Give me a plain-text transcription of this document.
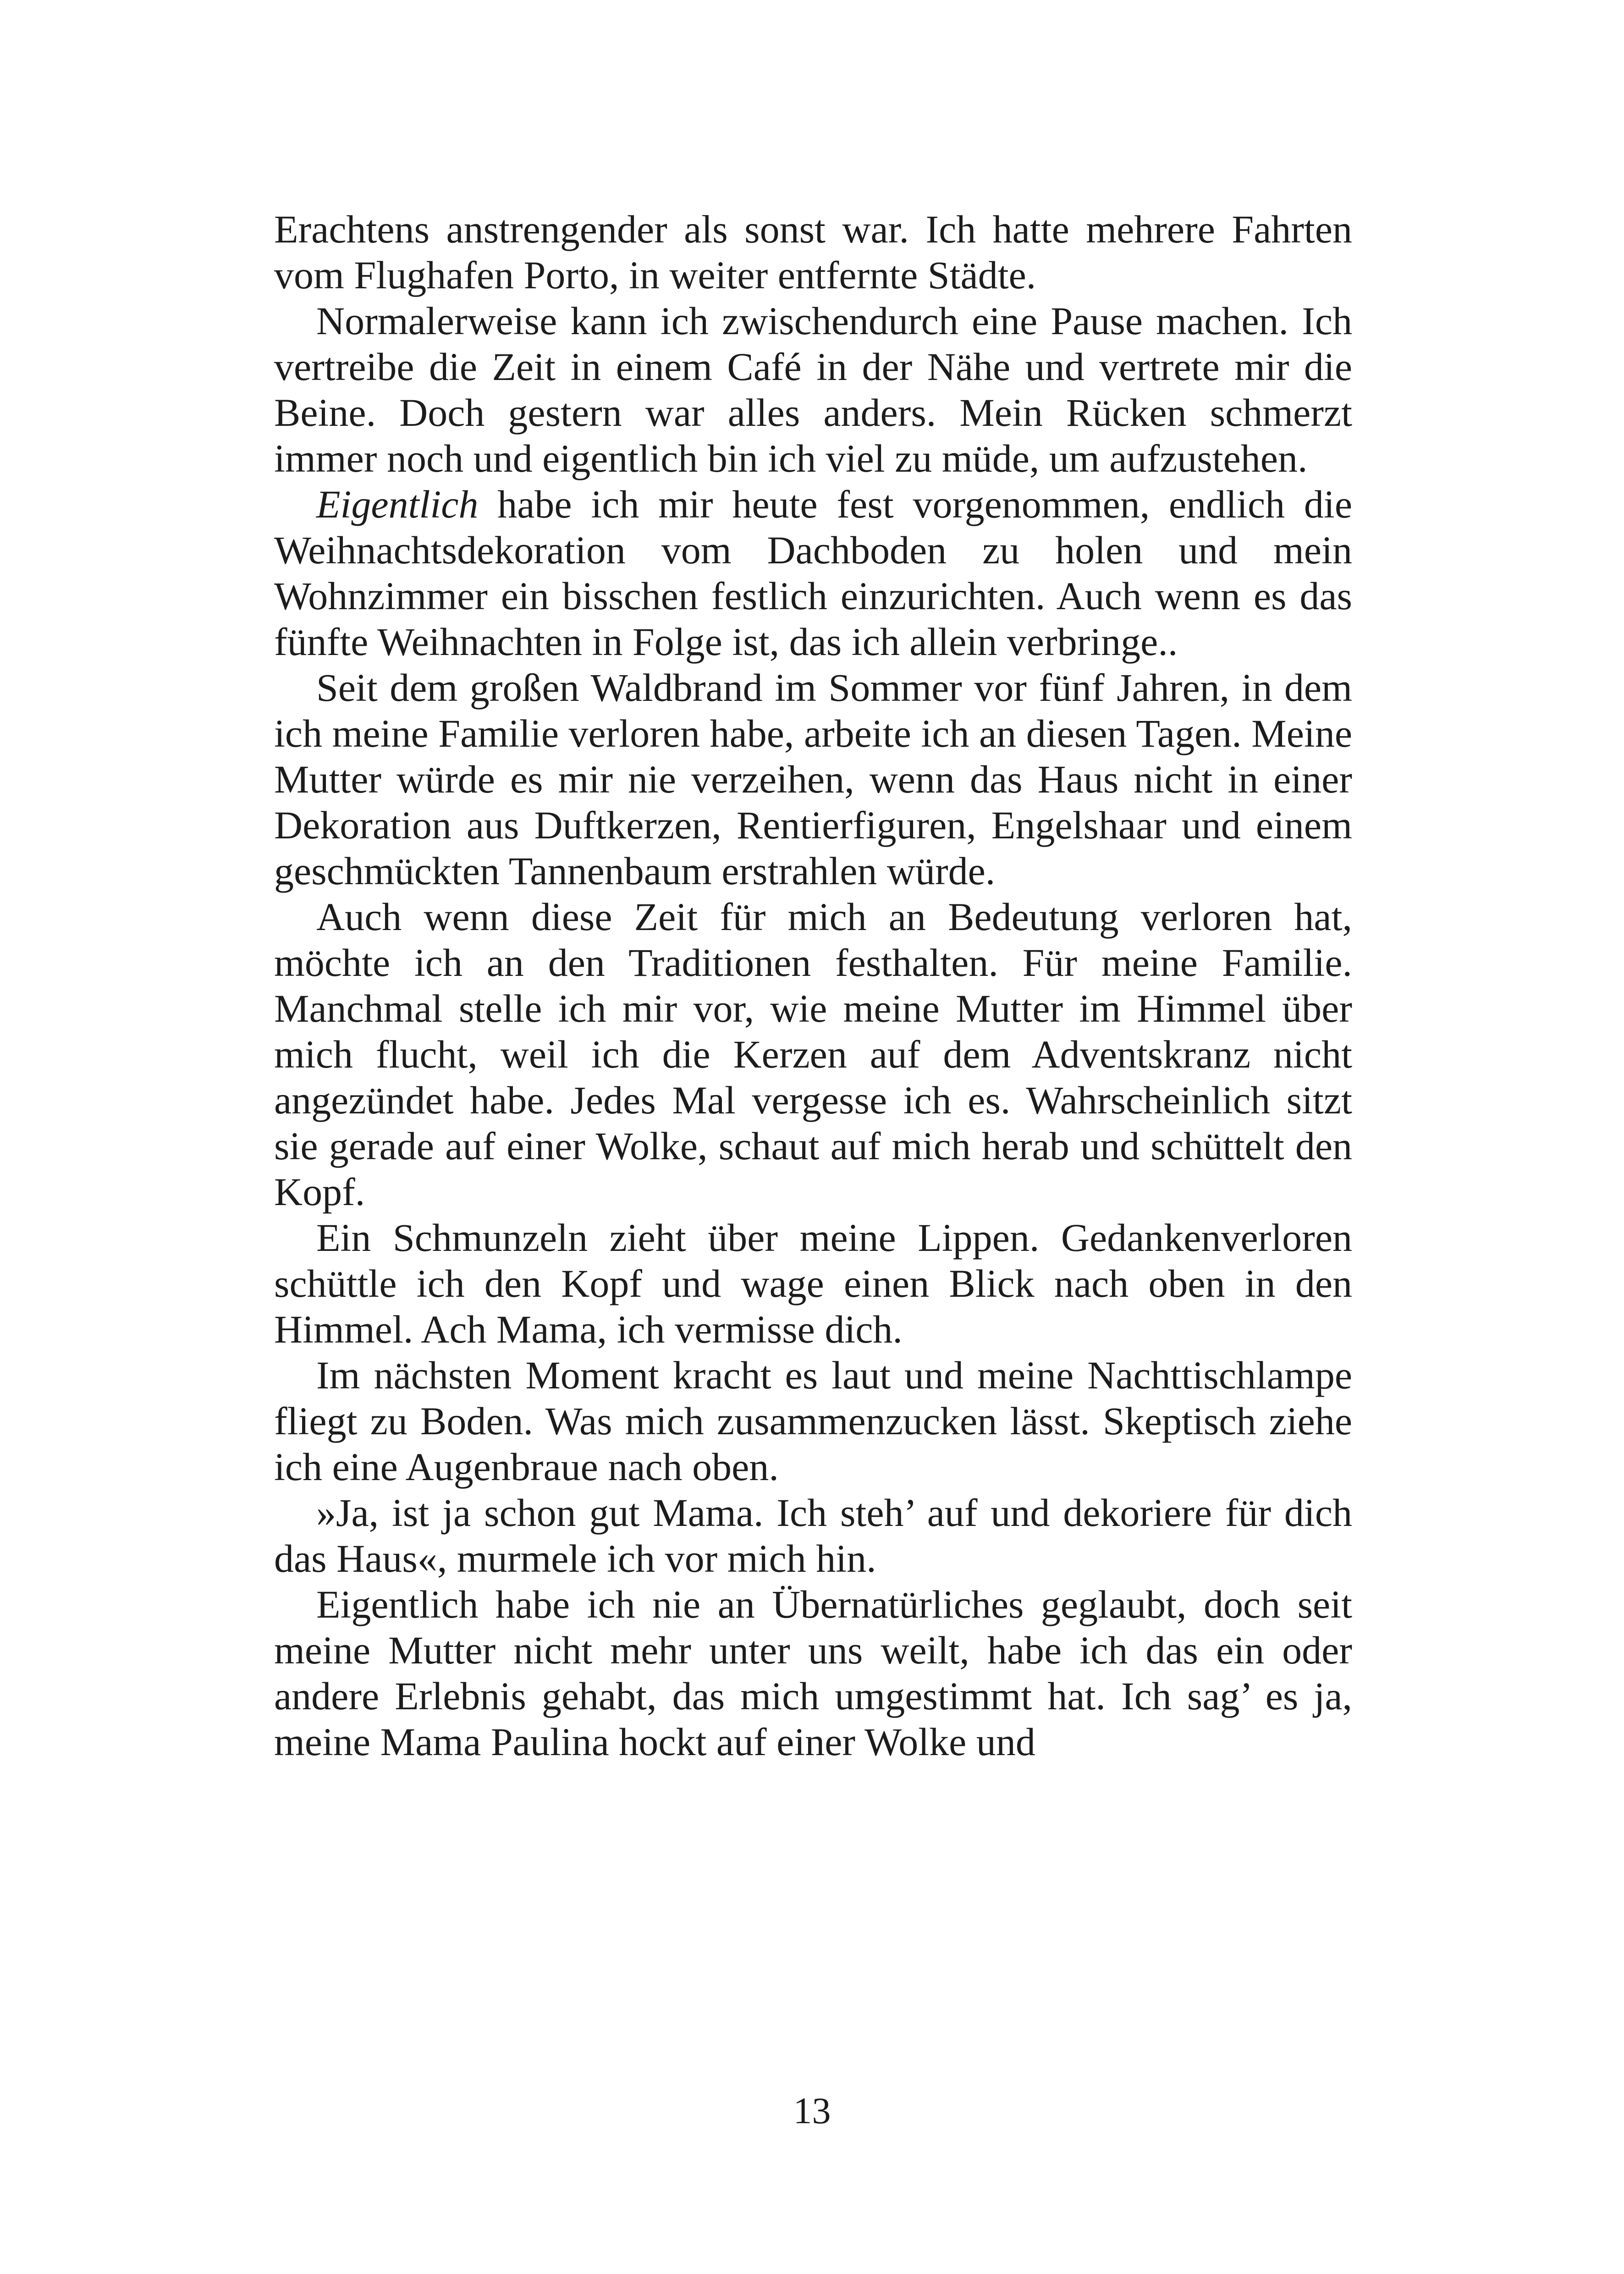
Erachtens anstrengender als sonst war. Ich hatte mehrere Fahrten vom Flughafen Porto, in weiter entfernte Städte.

Normalerweise kann ich zwischendurch eine Pause machen. Ich vertreibe die Zeit in einem Café in der Nähe und vertrete mir die Beine. Doch gestern war alles anders. Mein Rücken schmerzt immer noch und eigentlich bin ich viel zu müde, um aufzustehen.

Eigentlich habe ich mir heute fest vorgenommen, endlich die Weihnachtsdekoration vom Dachboden zu holen und mein Wohnzimmer ein bisschen festlich einzurichten. Auch wenn es das fünfte Weihnachten in Folge ist, das ich allein verbringe..

Seit dem großen Waldbrand im Sommer vor fünf Jahren, in dem ich meine Familie verloren habe, arbeite ich an diesen Tagen. Meine Mutter würde es mir nie verzeihen, wenn das Haus nicht in einer Dekoration aus Duftkerzen, Rentierfiguren, Engelshaar und einem geschmückten Tannenbaum erstrahlen würde.

Auch wenn diese Zeit für mich an Bedeutung verloren hat, möchte ich an den Traditionen festhalten. Für meine Familie. Manchmal stelle ich mir vor, wie meine Mutter im Himmel über mich flucht, weil ich die Kerzen auf dem Adventskranz nicht angezündet habe. Jedes Mal vergesse ich es. Wahrscheinlich sitzt sie gerade auf einer Wolke, schaut auf mich herab und schüttelt den Kopf.

Ein Schmunzeln zieht über meine Lippen. Gedankenverloren schüttle ich den Kopf und wage einen Blick nach oben in den Himmel. Ach Mama, ich vermisse dich.

Im nächsten Moment kracht es laut und meine Nachttischlampe fliegt zu Boden. Was mich zusammenzucken lässt. Skeptisch ziehe ich eine Augenbraue nach oben.

»Ja, ist ja schon gut Mama. Ich steh’ auf und dekoriere für dich das Haus«, murmele ich vor mich hin.

Eigentlich habe ich nie an Übernatürliches geglaubt, doch seit meine Mutter nicht mehr unter uns weilt, habe ich das ein oder andere Erlebnis gehabt, das mich umgestimmt hat. Ich sag’ es ja, meine Mama Paulina hockt auf einer Wolke und

13
